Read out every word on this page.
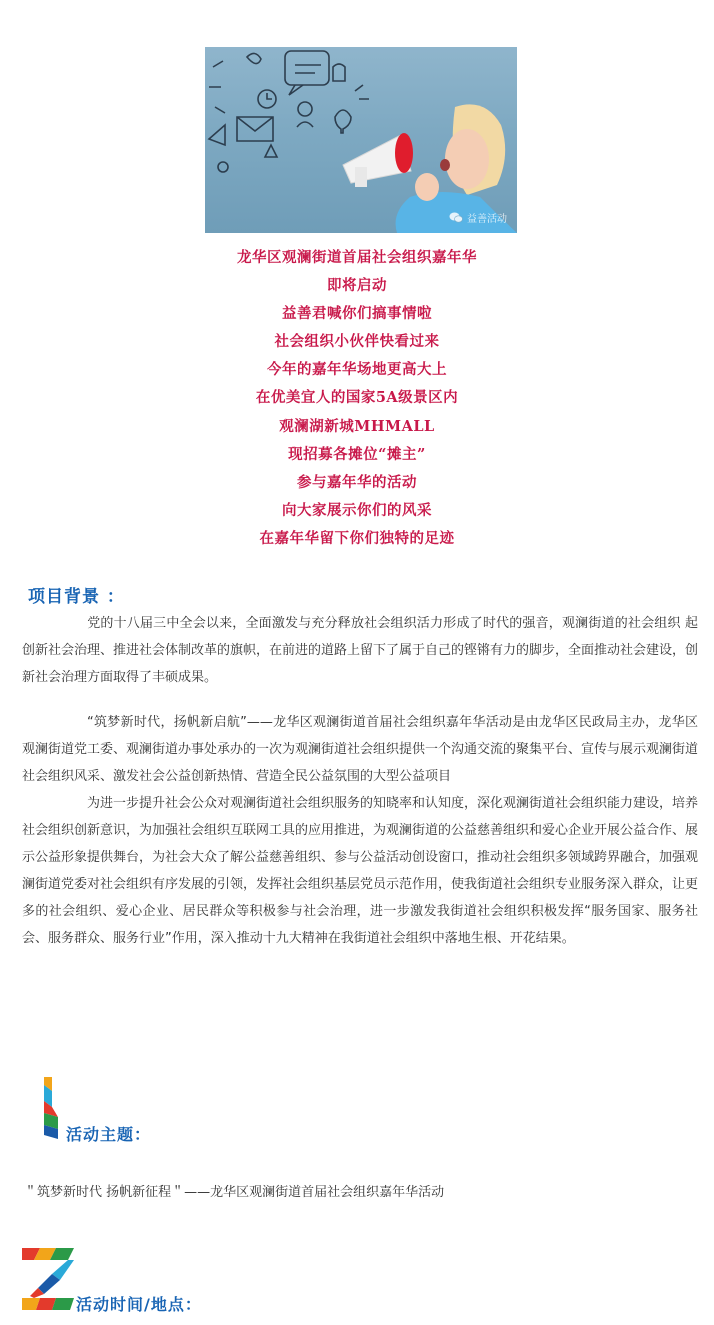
益善活动
龙华区观澜街道首届社会组织嘉年华
即将启动
益善君喊你们搞事情啦
社会组织小伙伴快看过来
今年的嘉年华场地更高大上
在优美宜人的国家5A级景区内
观澜湖新城MHMALL
现招募各摊位“摊主”
参与嘉年华的活动
向大家展示你们的风采
在嘉年华留下你们独特的足迹
项目背景 ：
党的十八届三中全会以来，全面激发与充分释放社会组织活力形成了时代的强音，观澜街道的社会组织 起创新社会治理、推进社会体制改革的旗帜，在前进的道路上留下了属于自己的铿锵有力的脚步，全面推动社会建设，创新社会治理方面取得了丰硕成果。
“筑梦新时代，扬帆新启航”——龙华区观澜街道首届社会组织嘉年华活动是由龙华区民政局主办，龙华区观澜街道党工委、观澜街道办事处承办的一次为观澜街道社会组织提供一个沟通交流的聚集平台、宣传与展示观澜街道社会组织风采、激发社会公益创新热情、营造全民公益氛围的大型公益项目
为进一步提升社会公众对观澜街道社会组织服务的知晓率和认知度，深化观澜街道社会组织能力建设，培养社会组织创新意识，为加强社会组织互联网工具的应用推进，为观澜街道的公益慈善组织和爱心企业开展公益合作、展示公益形象提供舞台，为社会大众了解公益慈善组织、参与公益活动创设窗口，推动社会组织多领域跨界融合，加强观澜街道党委对社会组织有序发展的引领，发挥社会组织基层党员示范作用，使我街道社会组织专业服务深入群众，让更多的社会组织、爱心企业、居民群众等积极参与社会治理，进一步激发我街道社会组织积极发挥“服务国家、服务社会、服务群众、服务行业”作用，深入推动十九大精神在我街道社会组织中落地生根、开花结果。
活动主题：
＂筑梦新时代 扬帆新征程＂——龙华区观澜街道首届社会组织嘉年华活动
活动时间/地点：
